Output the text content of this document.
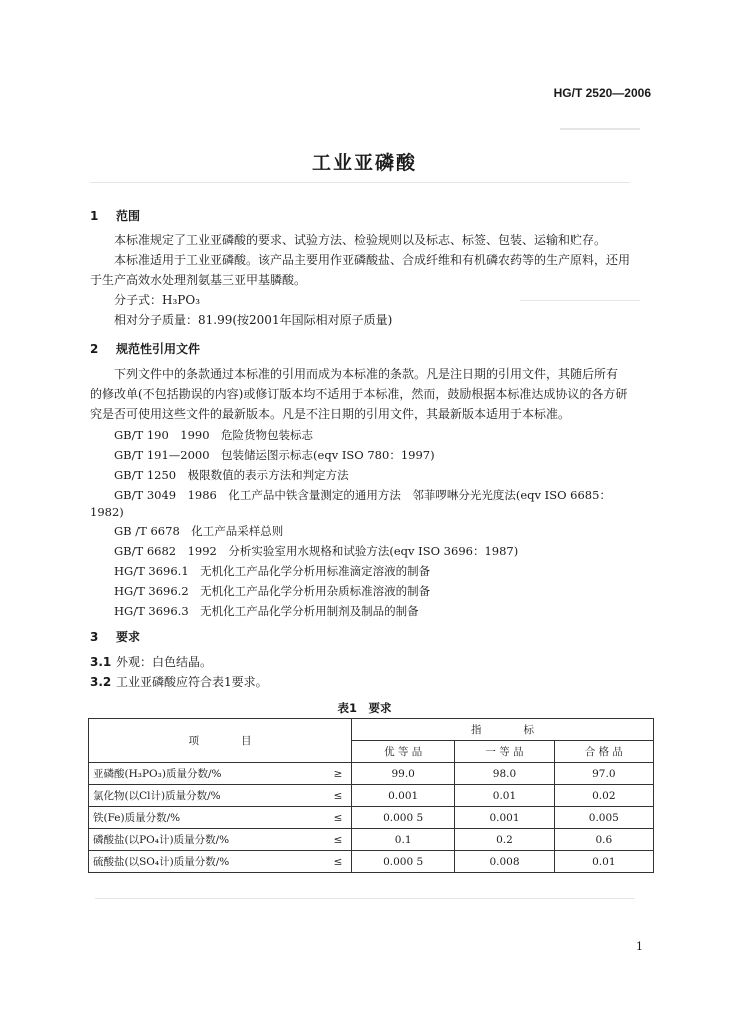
HG/T 2520—2006
工业亚磷酸
1 范围
本标准规定了工业亚磷酸的要求、试验方法、检验规则以及标志、标签、包装、运输和贮存。
本标准适用于工业亚磷酸。该产品主要用作亚磷酸盐、合成纤维和有机磷农药等的生产原料，还用
于生产高效水处理剂氨基三亚甲基膦酸。
分子式：H₃PO₃
相对分子质量：81.99(按2001年国际相对原子质量)
2 规范性引用文件
下列文件中的条款通过本标准的引用而成为本标准的条款。凡是注日期的引用文件，其随后所有
的修改单(不包括勘误的内容)或修订版本均不适用于本标准，然而，鼓励根据本标准达成协议的各方研
究是否可使用这些文件的最新版本。凡是不注日期的引用文件，其最新版本适用于本标准。
GB/T 190　1990　危险货物包装标志
GB/T 191—2000　包装储运图示标志(eqv ISO 780：1997)
GB/T 1250　极限数值的表示方法和判定方法
GB/T 3049　1986　化工产品中铁含量测定的通用方法　邻菲啰啉分光光度法(eqv ISO 6685：
1982)
GB /T 6678　化工产品采样总则
GB/T 6682　1992　分析实验室用水规格和试验方法(eqv ISO 3696：1987)
HG/T 3696.1　无机化工产品化学分析用标准滴定溶液的制备
HG/T 3696.2　无机化工产品化学分析用杂质标准溶液的制备
HG/T 3696.3　无机化工产品化学分析用制剂及制品的制备
3 要求
3.1 外观：白色结晶。
3.2 工业亚磷酸应符合表1要求。
表1　要求
项　　　　目		指　　　　标		
		优 等 品	一 等 品	合 格 品
亚磷酸(H₃PO₃)质量分数/%	≥	99.0	98.0	97.0
氯化物(以Cl计)质量分数/%	≤	0.001	0.01	0.02
铁(Fe)质量分数/%	≤	0.000 5	0.001	0.005
磷酸盐(以PO₄计)质量分数/%	≤	0.1	0.2	0.6
硫酸盐(以SO₄计)质量分数/%	≤	0.000 5	0.008	0.01
1
